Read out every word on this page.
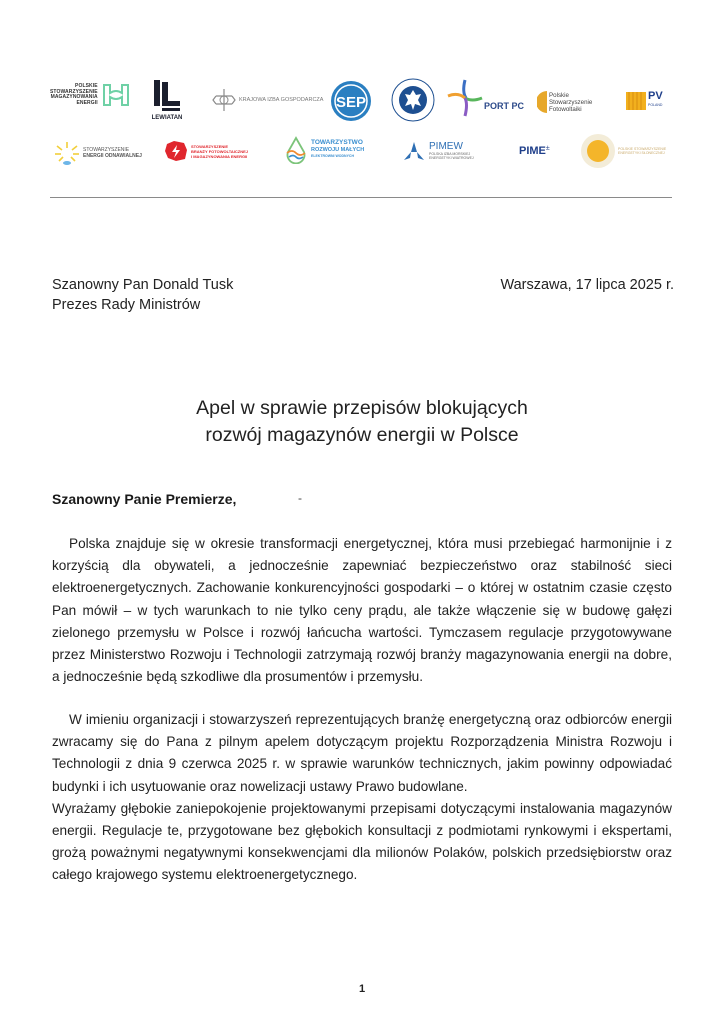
POLSKIE
STOWARZYSZENIE
MAGAZYNOWANIA
ENERGII
LEWIATAN
KRAJOWA IZBA GOSPODARCZA SEP	PORT PC
Polskie
Stowarzyszenie
Fotowoltaiki
PV
POLAND
STOWARZYSZENIE
ENERGII ODNAWIALNEJ
STOWARZYSZENIE
BRANŻY FOTOWOLTAICZNEJ
I MAGAZYNOWANIA ENERGII
TOWARZYSTWO
ROZWOJU MAŁYCH
ELEKTROWNI WODNYCH
PIMEW
POLSKA IZBA MORSKIEJ
ENERGETYKI WIATROWEJ
PIME ±	POLSKIE STOWARZYSZENIE
ENERGETYKI SŁONECZNEJ
Szanowny Pan Donald Tusk
Prezes Rady Ministrów
Warszawa, 17 lipca 2025 r.
Apel w sprawie przepisów blokujących
rozwój magazynów energii w Polsce
Szanowny Panie Premierze,	-

Polska znajduje się w okresie transformacji energetycznej, która musi przebiegać harmonijnie i z korzyścią dla obywateli, a jednocześnie zapewniać bezpieczeństwo oraz stabilność sieci elektroenergetycznych. Zachowanie konkurencyjności gospodarki – o której w ostatnim czasie często Pan mówił – w tych warunkach to nie tylko ceny prądu, ale także włączenie się w budowę gałęzi zielonego przemysłu w Polsce i rozwój łańcucha wartości. Tymczasem regulacje przygotowywane przez Ministerstwo Rozwoju i Technologii zatrzymają rozwój branży magazynowania energii na dobre, a jednocześnie będą szkodliwe dla prosumentów i przemysłu.

W imieniu organizacji i stowarzyszeń reprezentujących branżę energetyczną oraz odbiorców energii zwracamy się do Pana z pilnym apelem dotyczącym projektu Rozporządzenia Ministra Rozwoju i Technologii z dnia 9 czerwca 2025 r. w sprawie warunków technicznych, jakim powinny odpowiadać budynki i ich usytuowanie oraz nowelizacji ustawy Prawo budowlane.

Wyrażamy głębokie zaniepokojenie projektowanymi przepisami dotyczącymi instalowania magazynów energii. Regulacje te, przygotowane bez głębokich konsultacji z podmiotami rynkowymi i ekspertami, grożą poważnymi negatywnymi konsekwencjami dla milionów Polaków, polskich przedsiębiorstw oraz całego krajowego systemu elektroenergetycznego.

1
